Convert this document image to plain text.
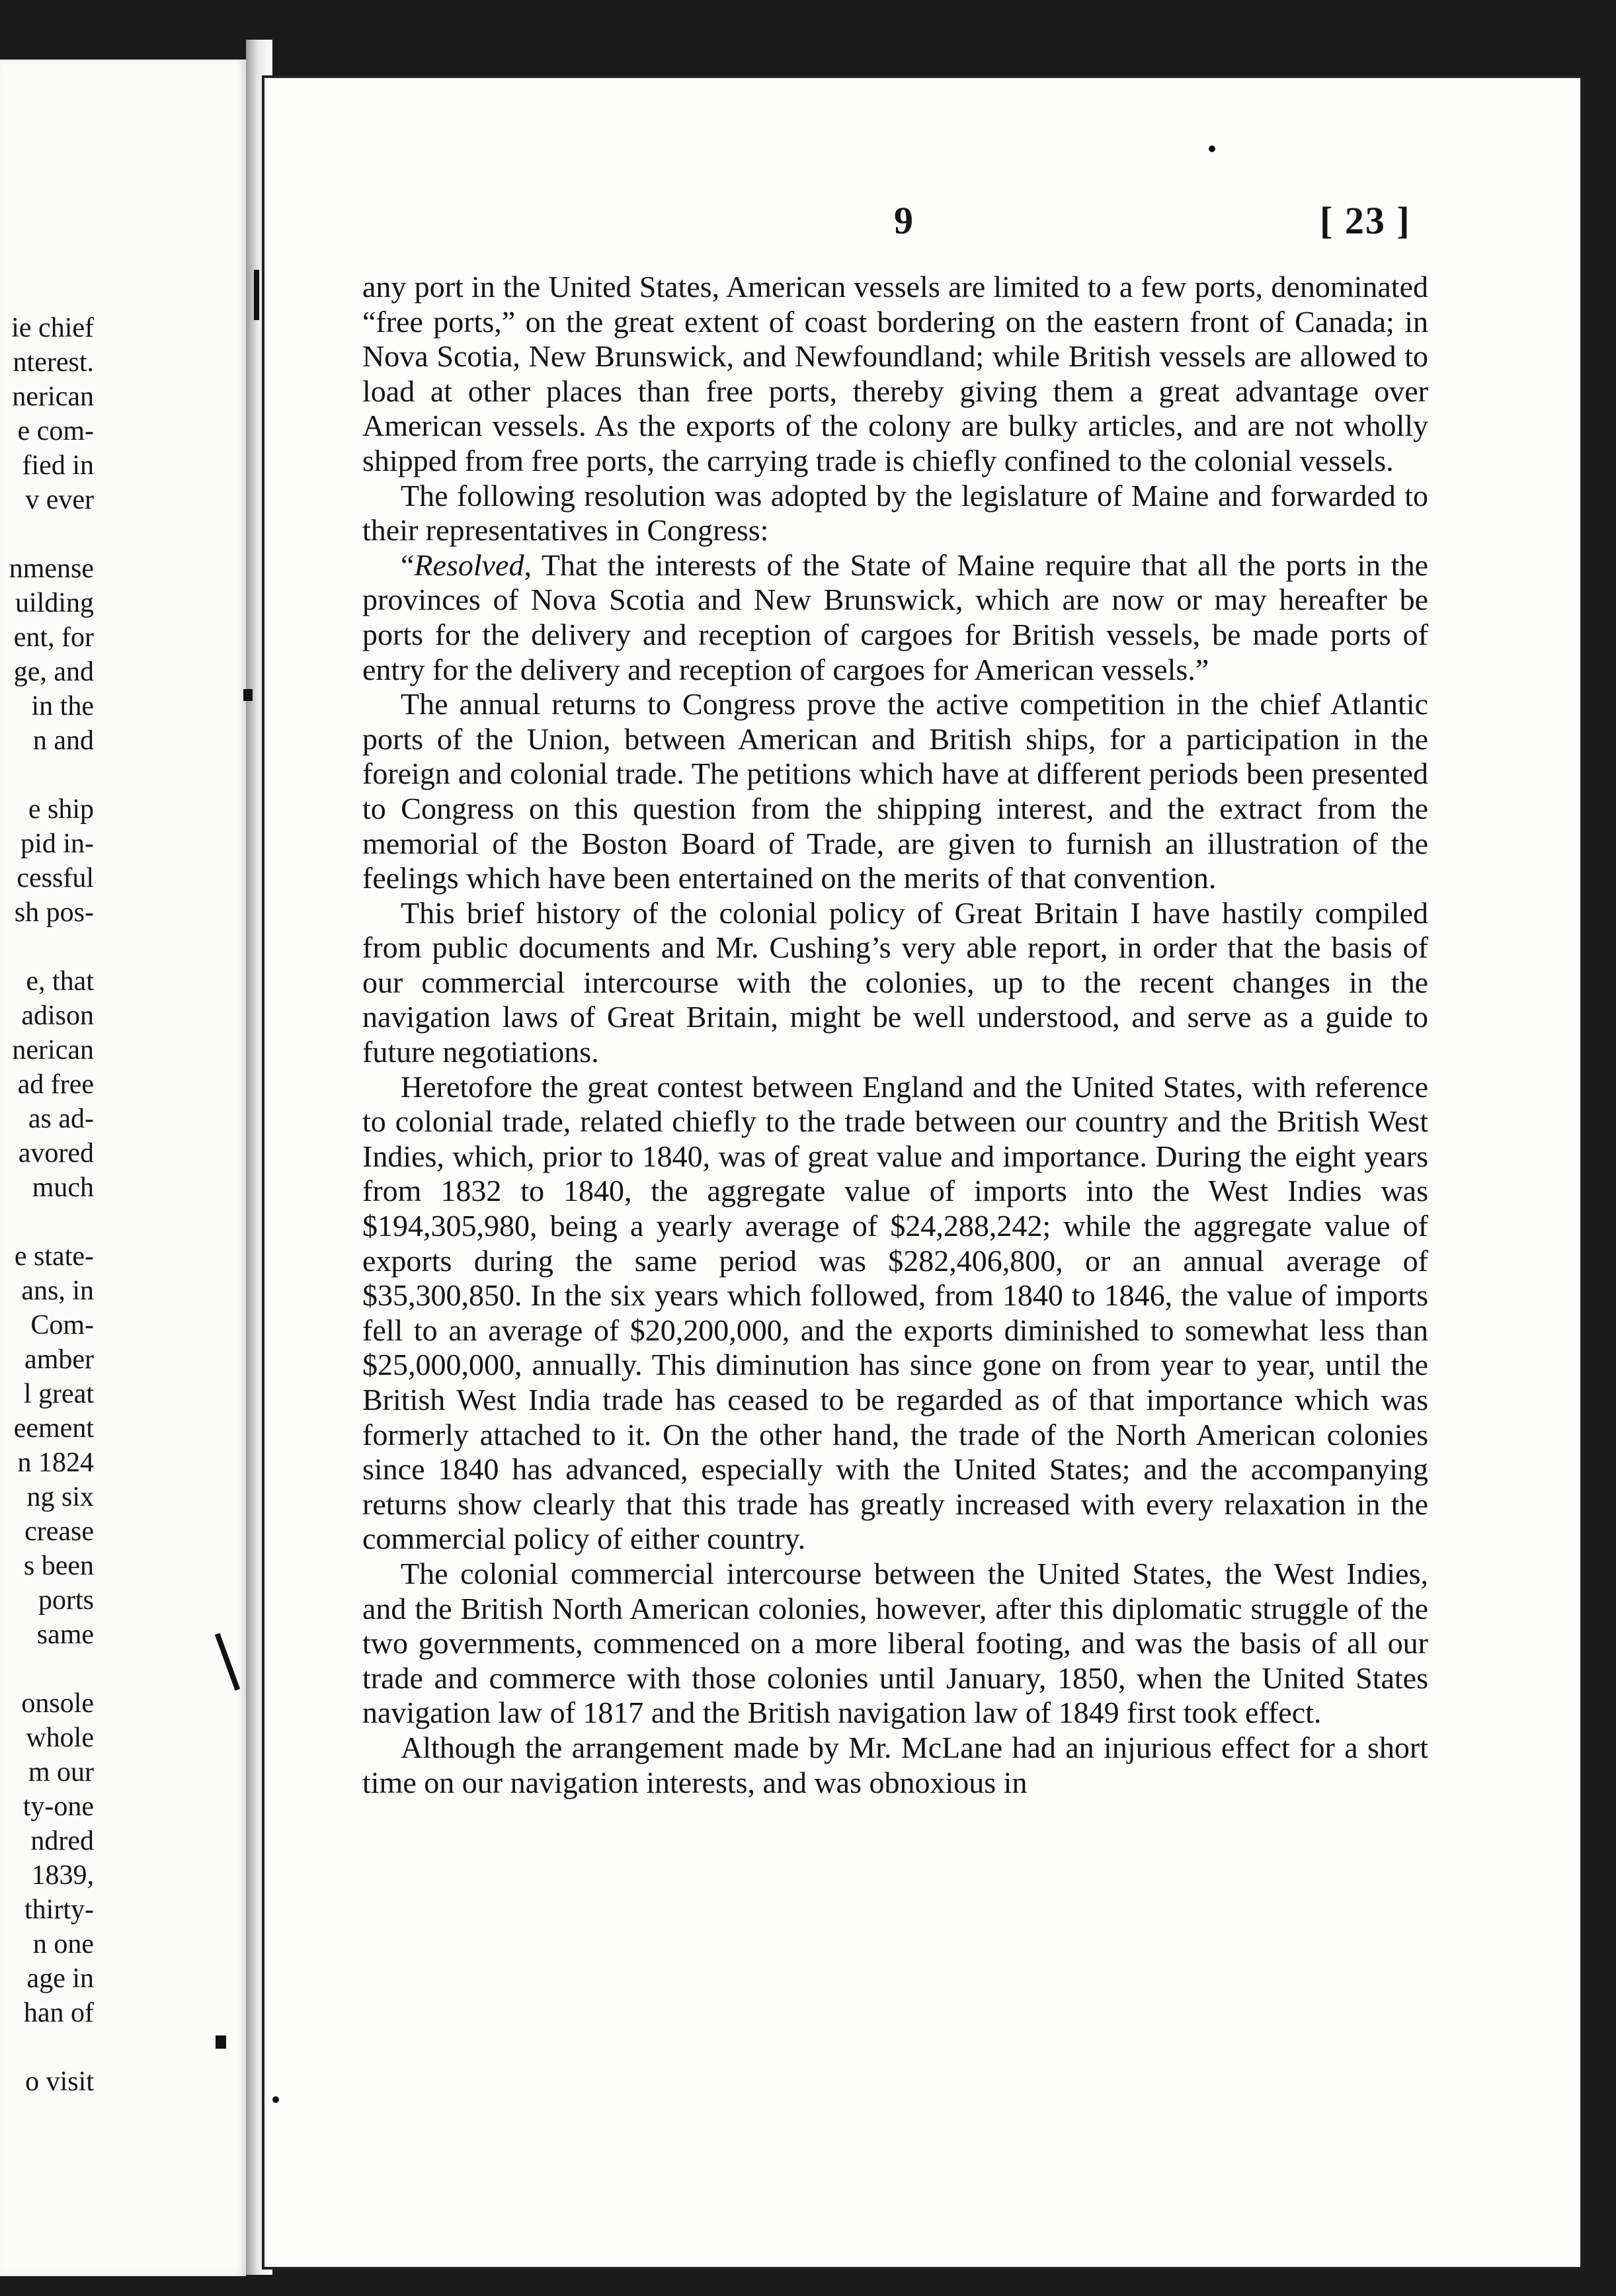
ie chief
nterest.
nerican
e com-
fied in
v ever
nmense
uilding
ent, for
ge, and
in the
n and
e ship
pid in-
cessful
sh pos-
e, that
adison
nerican
ad free
as ad-
avored
much
e state-
ans, in
Com-
amber
l great
eement
n 1824
ng six
crease
s been
ports
same
onsole
whole
m our
ty-one
ndred
1839,
thirty-
n one
age in
han of
o visit
9	[ 23 ]

any port in the United States, American vessels are limited to a few ports, denominated “free ports,” on the great extent of coast bordering on the eastern front of Canada; in Nova Scotia, New Brunswick, and Newfoundland; while British vessels are allowed to load at other places than free ports, thereby giving them a great advantage over American vessels. As the exports of the colony are bulky articles, and are not wholly shipped from free ports, the carrying trade is chiefly confined to the colonial vessels.

The following resolution was adopted by the legislature of Maine and forwarded to their representatives in Congress:

“Resolved, That the interests of the State of Maine require that all the ports in the provinces of Nova Scotia and New Brunswick, which are now or may hereafter be ports for the delivery and reception of cargoes for British vessels, be made ports of entry for the delivery and reception of cargoes for American vessels.”

The annual returns to Congress prove the active competition in the chief Atlantic ports of the Union, between American and British ships, for a participation in the foreign and colonial trade. The petitions which have at different periods been presented to Congress on this question from the shipping interest, and the extract from the memorial of the Boston Board of Trade, are given to furnish an illustration of the feelings which have been entertained on the merits of that convention.

This brief history of the colonial policy of Great Britain I have hastily compiled from public documents and Mr. Cushing’s very able report, in order that the basis of our commercial intercourse with the colonies, up to the recent changes in the navigation laws of Great Britain, might be well understood, and serve as a guide to future negotiations.

Heretofore the great contest between England and the United States, with reference to colonial trade, related chiefly to the trade between our country and the British West Indies, which, prior to 1840, was of great value and importance. During the eight years from 1832 to 1840, the aggregate value of imports into the West Indies was $194,305,980, being a yearly average of $24,288,242; while the aggregate value of exports during the same period was $282,406,800, or an annual average of $35,300,850. In the six years which followed, from 1840 to 1846, the value of imports fell to an average of $20,200,000, and the exports diminished to somewhat less than $25,000,000, annually. This diminution has since gone on from year to year, until the British West India trade has ceased to be regarded as of that importance which was formerly attached to it. On the other hand, the trade of the North American colonies since 1840 has advanced, especially with the United States; and the accompanying returns show clearly that this trade has greatly increased with every relaxation in the commercial policy of either country.

The colonial commercial intercourse between the United States, the West Indies, and the British North American colonies, however, after this diplomatic struggle of the two governments, commenced on a more liberal footing, and was the basis of all our trade and commerce with those colonies until January, 1850, when the United States navigation law of 1817 and the British navigation law of 1849 first took effect.

Although the arrangement made by Mr. McLane had an injurious effect for a short time on our navigation interests, and was obnoxious in
